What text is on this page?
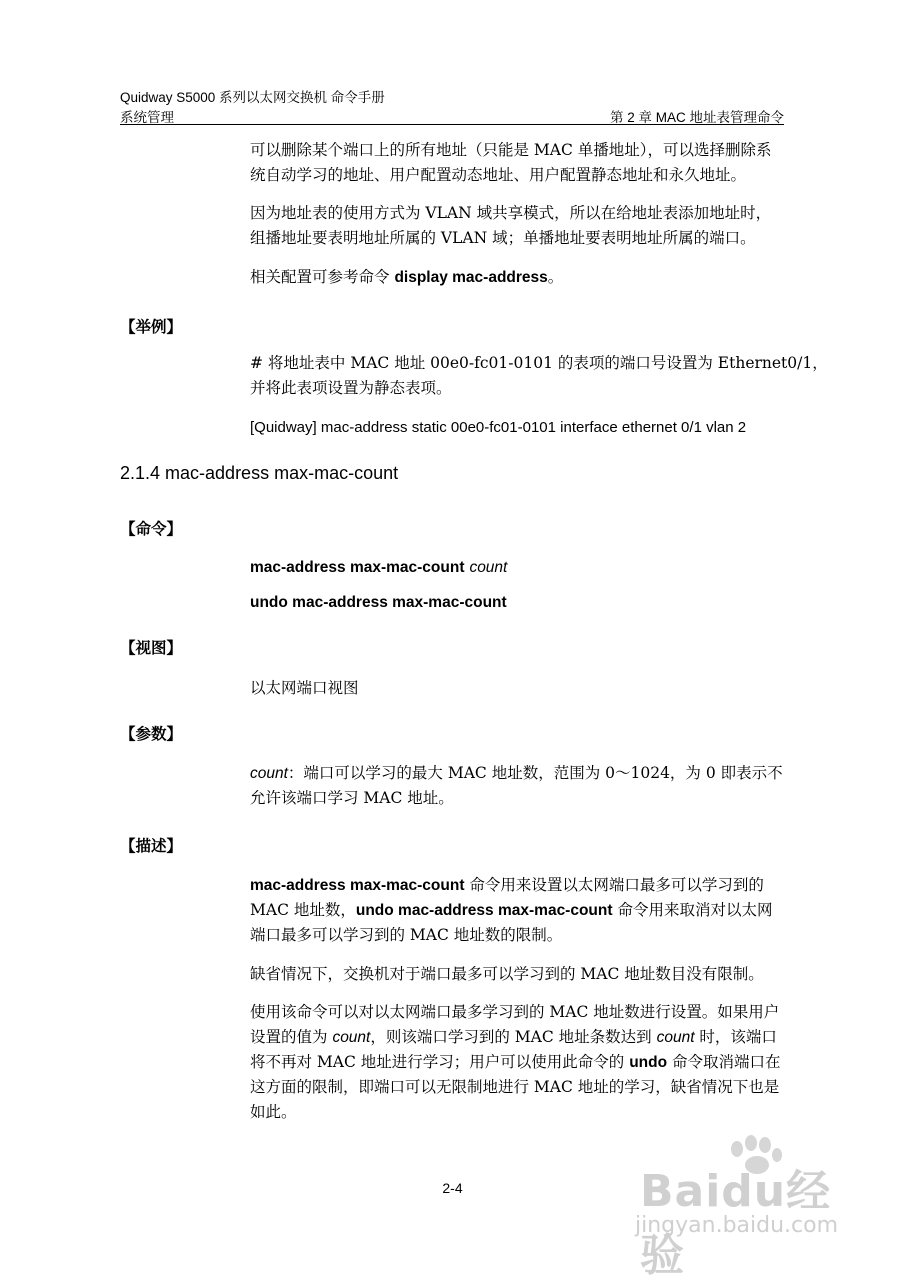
Quidway S5000 系列以太网交换机 命令手册
系统管理	第 2 章 MAC 地址表管理命令
可以删除某个端口上的所有地址（只能是 MAC 单播地址），可以选择删除系
统自动学习的地址、用户配置动态地址、用户配置静态地址和永久地址。
因为地址表的使用方式为 VLAN 域共享模式，所以在给地址表添加地址时，
组播地址要表明地址所属的 VLAN 域；单播地址要表明地址所属的端口。
相关配置可参考命令 display mac-address。
【举例】
# 将地址表中 MAC 地址 00e0-fc01-0101 的表项的端口号设置为 Ethernet0/1，
并将此表项设置为静态表项。
[Quidway] mac-address static 00e0-fc01-0101 interface ethernet 0/1 vlan 2
2.1.4 mac-address max-mac-count
【命令】
mac-address max-mac-count count
undo mac-address max-mac-count
【视图】
以太网端口视图
【参数】
count：端口可以学习的最大 MAC 地址数，范围为 0～1024，为 0 即表示不
允许该端口学习 MAC 地址。
【描述】
mac-address max-mac-count 命令用来设置以太网端口最多可以学习到的
MAC 地址数，undo mac-address max-mac-count 命令用来取消对以太网
端口最多可以学习到的 MAC 地址数的限制。
缺省情况下，交换机对于端口最多可以学习到的 MAC 地址数目没有限制。
使用该命令可以对以太网端口最多学习到的 MAC 地址数进行设置。如果用户
设置的值为 count，则该端口学习到的 MAC 地址条数达到 count 时，该端口
将不再对 MAC 地址进行学习；用户可以使用此命令的 undo 命令取消端口在
这方面的限制，即端口可以无限制地进行 MAC 地址的学习，缺省情况下也是
如此。
2-4	Baidu经验
jingyan.baidu.com
